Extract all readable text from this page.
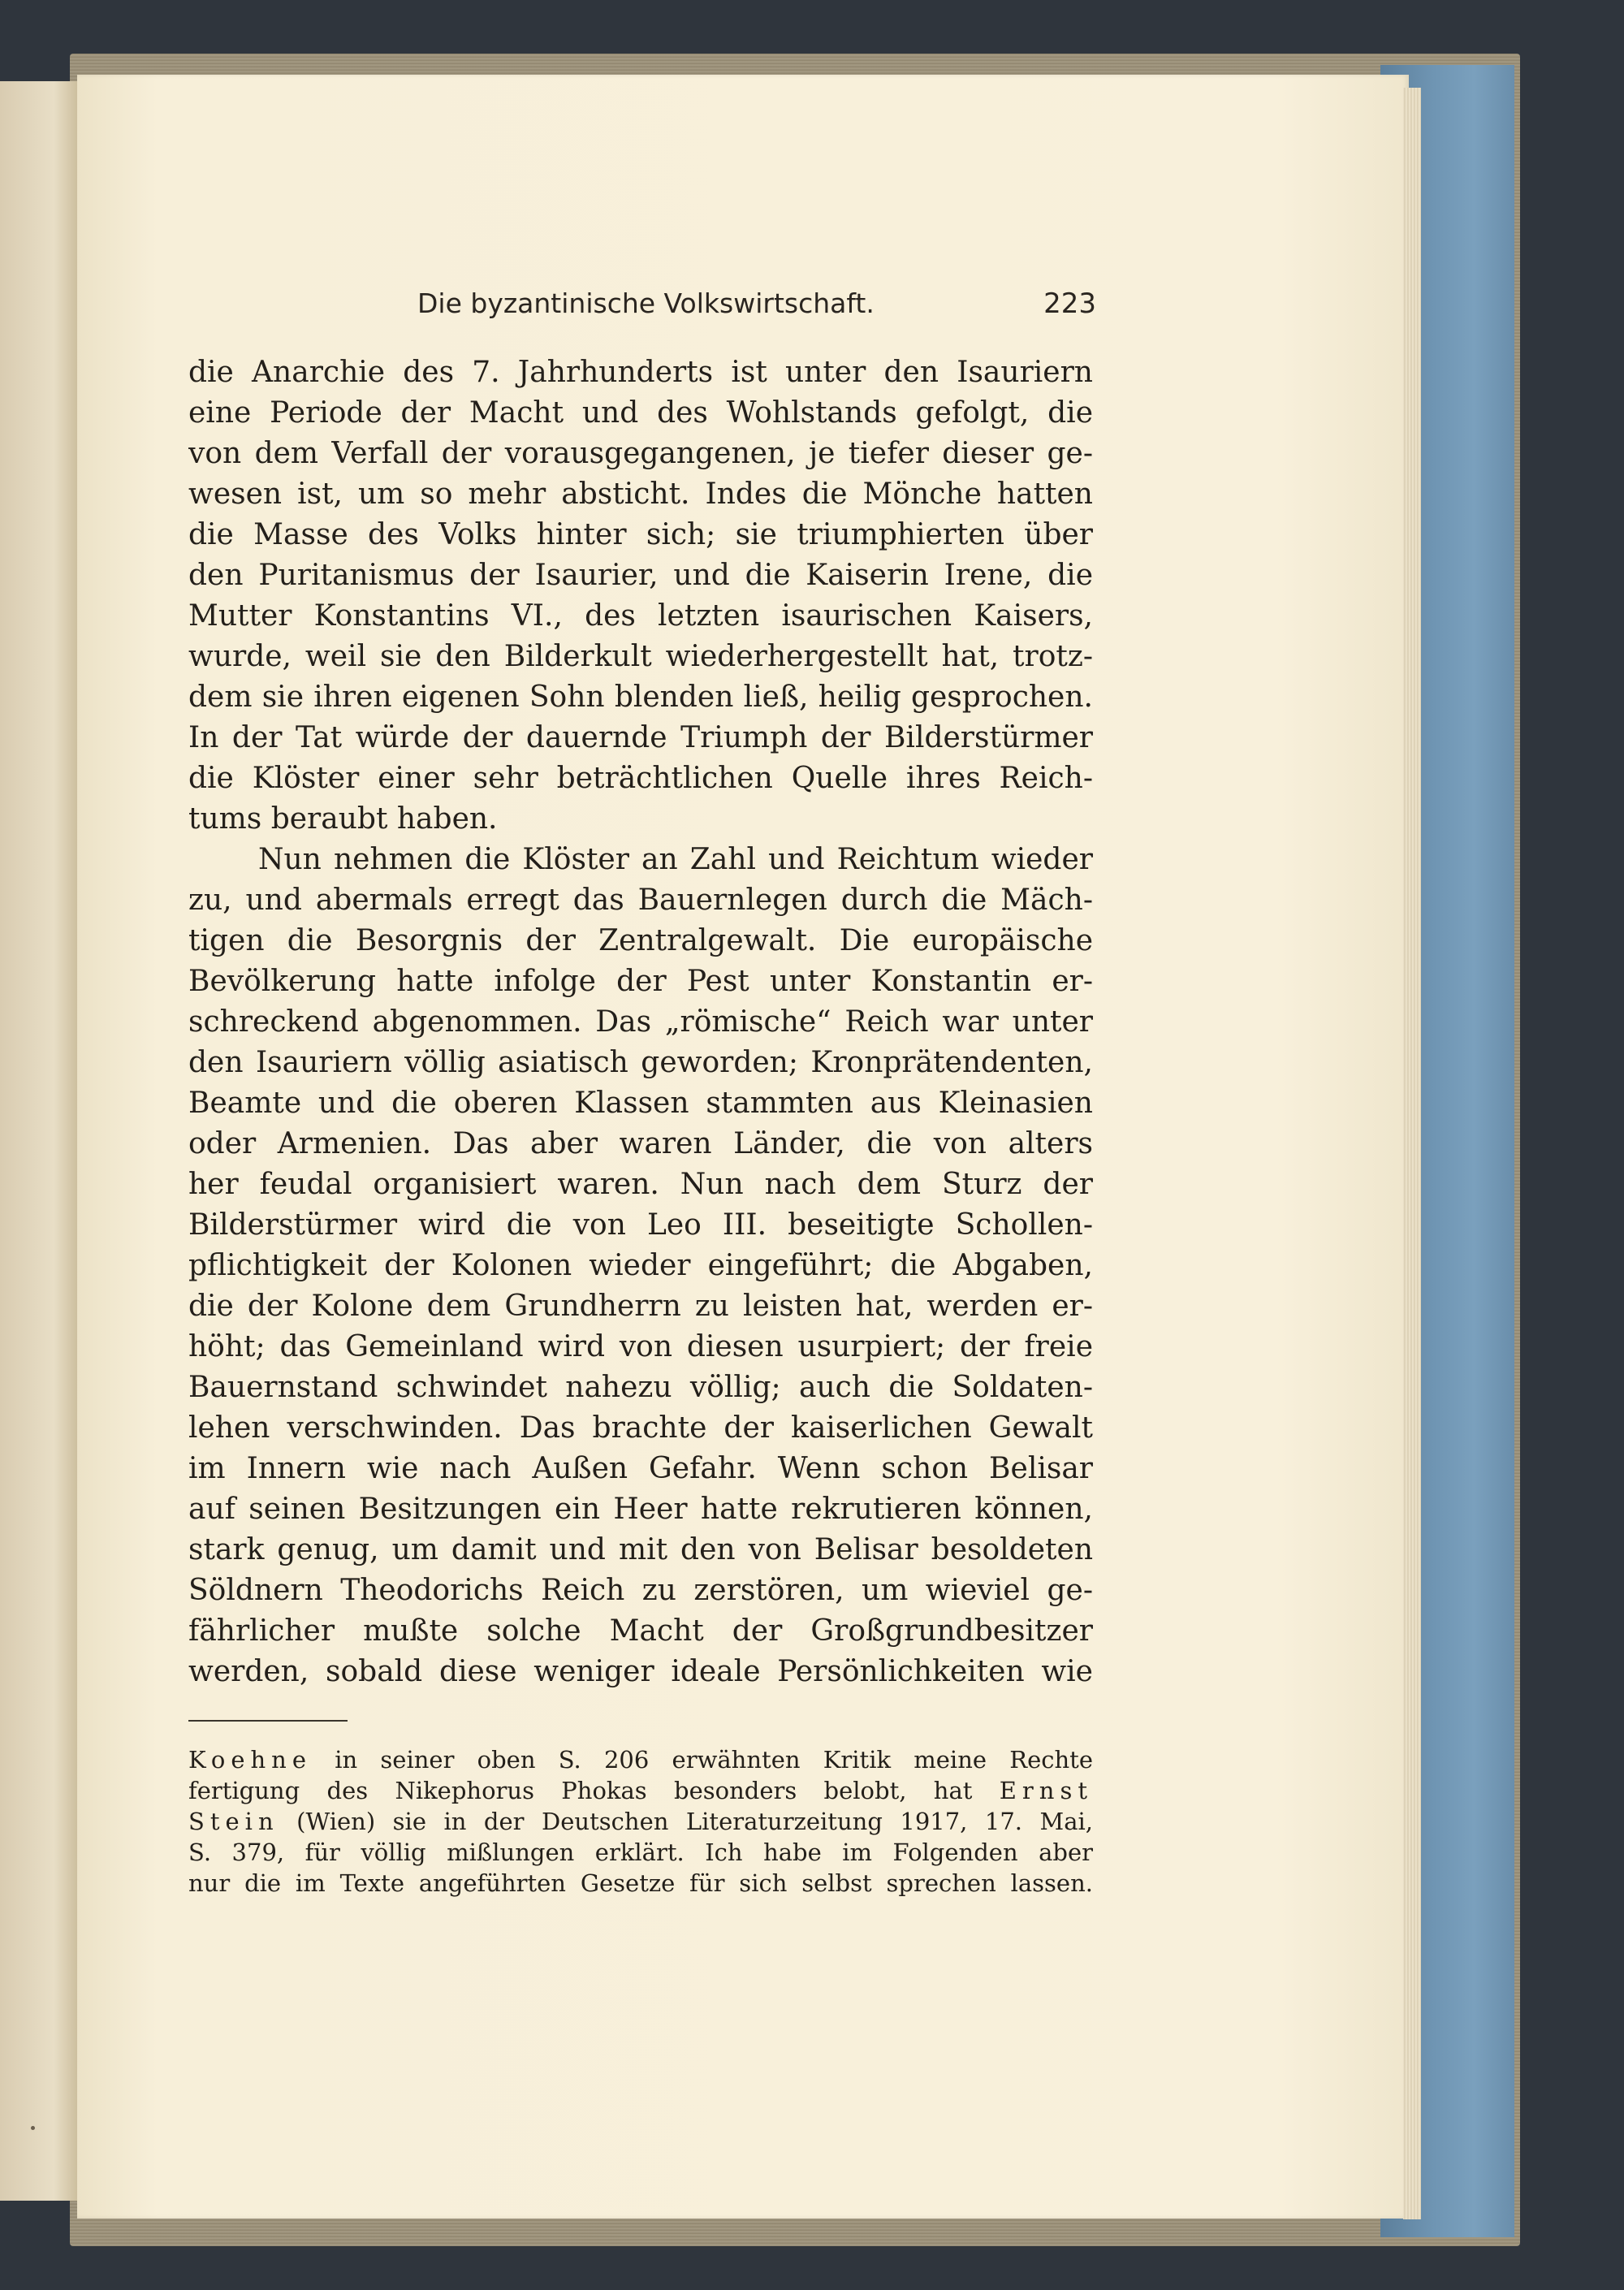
Die byzantinische Volkswirtschaft.	223
die Anarchie des 7. Jahrhunderts ist unter den Isauriern
eine Periode der Macht und des Wohlstands gefolgt, die
von dem Verfall der vorausgegangenen, je tiefer dieser ge-
wesen ist, um so mehr absticht. Indes die Mönche hatten
die Masse des Volks hinter sich; sie triumphierten über
den Puritanismus der Isaurier, und die Kaiserin Irene, die
Mutter Konstantins VI., des letzten isaurischen Kaisers,
wurde, weil sie den Bilderkult wiederhergestellt hat, trotz-
dem sie ihren eigenen Sohn blenden ließ, heilig gesprochen.
In der Tat würde der dauernde Triumph der Bilderstürmer
die Klöster einer sehr beträchtlichen Quelle ihres Reich-
tums beraubt haben.
Nun nehmen die Klöster an Zahl und Reichtum wieder
zu, und abermals erregt das Bauernlegen durch die Mäch-
tigen die Besorgnis der Zentralgewalt. Die europäische
Bevölkerung hatte infolge der Pest unter Konstantin er-
schreckend abgenommen. Das „römische“ Reich war unter
den Isauriern völlig asiatisch geworden; Kronprätendenten,
Beamte und die oberen Klassen stammten aus Kleinasien
oder Armenien. Das aber waren Länder, die von alters
her feudal organisiert waren. Nun nach dem Sturz der
Bilderstürmer wird die von Leo III. beseitigte Schollen-
pflichtigkeit der Kolonen wieder eingeführt; die Abgaben,
die der Kolone dem Grundherrn zu leisten hat, werden er-
höht; das Gemeinland wird von diesen usurpiert; der freie
Bauernstand schwindet nahezu völlig; auch die Soldaten-
lehen verschwinden. Das brachte der kaiserlichen Gewalt
im Innern wie nach Außen Gefahr. Wenn schon Belisar
auf seinen Besitzungen ein Heer hatte rekrutieren können,
stark genug, um damit und mit den von Belisar besoldeten
Söldnern Theodorichs Reich zu zerstören, um wieviel ge-
fährlicher mußte solche Macht der Großgrundbesitzer
werden, sobald diese weniger ideale Persönlichkeiten wie
Koehne in seiner oben S. 206 erwähnten Kritik meine Rechte
fertigung des Nikephorus Phokas besonders belobt, hat Ernst
Stein (Wien) sie in der Deutschen Literaturzeitung 1917, 17. Mai,
S. 379, für völlig mißlungen erklärt. Ich habe im Folgenden aber
nur die im Texte angeführten Gesetze für sich selbst sprechen lassen.
